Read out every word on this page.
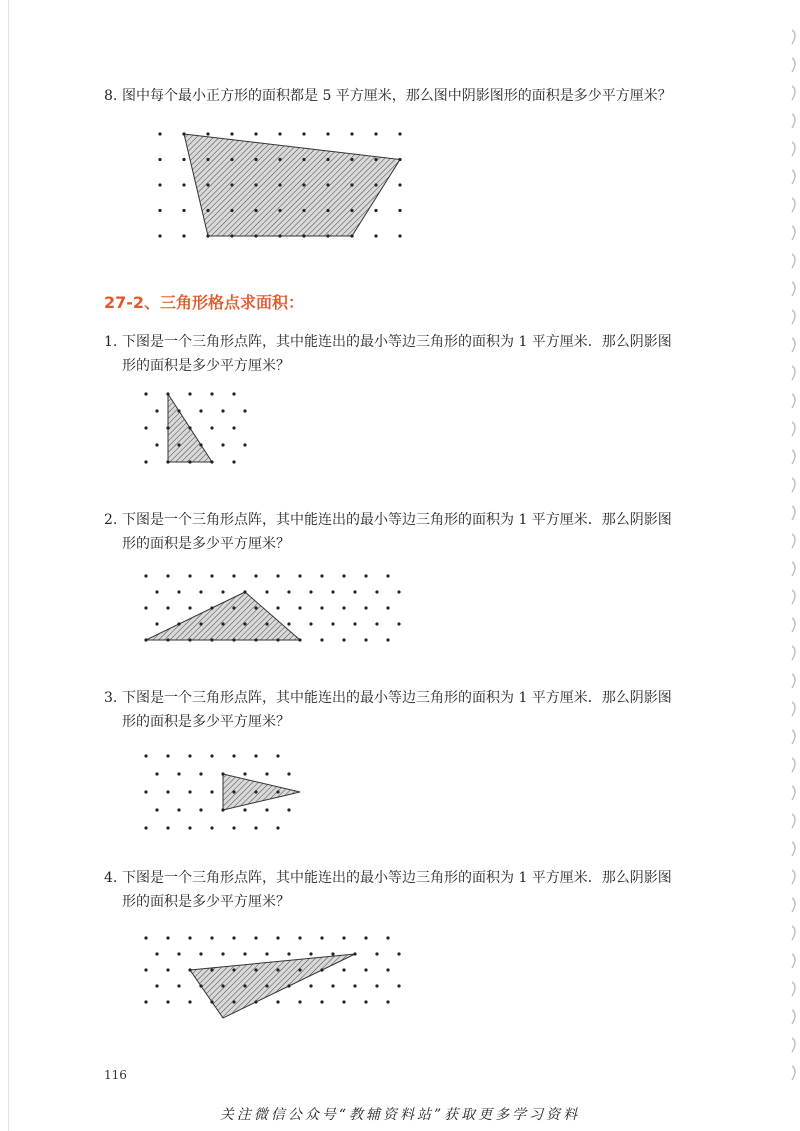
8. 图中每个最小正方形的面积都是 5 平方厘米，那么图中阴影图形的面积是多少平方厘米？
27-2、三角形格点求面积：
1. 下图是一个三角形点阵，其中能连出的最小等边三角形的面积为 1 平方厘米．那么阴影图
形的面积是多少平方厘米？
2. 下图是一个三角形点阵，其中能连出的最小等边三角形的面积为 1 平方厘米．那么阴影图
形的面积是多少平方厘米？
3. 下图是一个三角形点阵，其中能连出的最小等边三角形的面积为 1 平方厘米．那么阴影图
形的面积是多少平方厘米？
4. 下图是一个三角形点阵，其中能连出的最小等边三角形的面积为 1 平方厘米．那么阴影图
形的面积是多少平方厘米？
116
关注微信公众号“教辅资料站”获取更多学习资料
